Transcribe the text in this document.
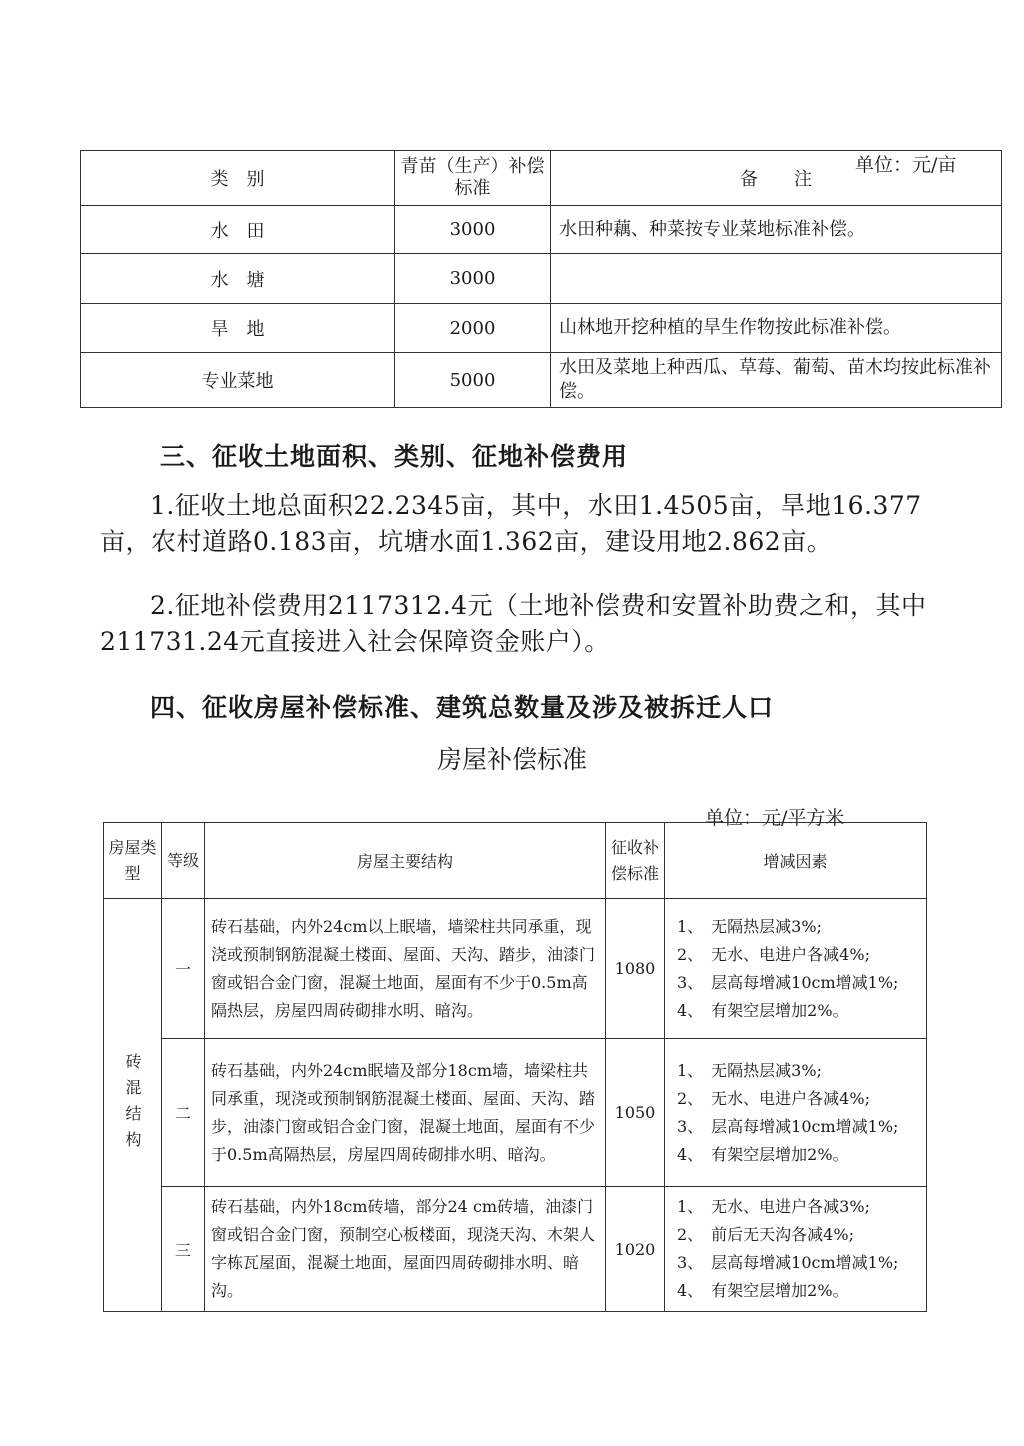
单位：元/亩
类　别	青苗（生产）补偿标准	备　　注
水　田	3000	水田种藕、种菜按专业菜地标准补偿。
水　塘	3000	
旱　地	2000	山林地开挖种植的旱生作物按此标准补偿。
专业菜地	5000	水田及菜地上种西瓜、草莓、葡萄、苗木均按此标准补偿。
三、征收土地面积、类别、征地补偿费用
1.征收土地总面积22.2345亩，其中，水田1.4505亩，旱地16.377亩，农村道路0.183亩，坑塘水面1.362亩，建设用地2.862亩。
2.征地补偿费用2117312.4元（土地补偿费和安置补助费之和，其中211731.24元直接进入社会保障资金账户）。
四、征收房屋补偿标准、建筑总数量及涉及被拆迁人口
房屋补偿标准
单位：元/平方米
房屋类型	等级	房屋主要结构	征收补偿标准	增减因素

砖混结构	一	砖石基础，内外24cm以上眠墙，墙梁柱共同承重，现浇或预制钢筋混凝土楼面、屋面、天沟、踏步，油漆门窗或铝合金门窗，混凝土地面，屋面有不少于0.5m高隔热层，房屋四周砖砌排水明、暗沟。	1080	1、　无隔热层减3%;
2、　无水、电进户各减4%;
3、　层高每增减10cm增减1%;
4、　有架空层增加2%。

	二	砖石基础，内外24cm眠墙及部分18cm墙，墙梁柱共同承重，现浇或预制钢筋混凝土楼面、屋面、天沟、踏步，油漆门窗或铝合金门窗，混凝土地面，屋面有不少于0.5m高隔热层，房屋四周砖砌排水明、暗沟。	1050	1、　无隔热层减3%;
2、　无水、电进户各减4%;
3、　层高每增减10cm增减1%;
4、　有架空层增加2%。

	三	砖石基础，内外18cm砖墙，部分24 cm砖墙，油漆门窗或铝合金门窗，预制空心板楼面，现浇天沟、木架人字栋瓦屋面，混凝土地面，屋面四周砖砌排水明、暗沟。	1020	1、　无水、电进户各减3%;
2、　前后无天沟各减4%;
3、　层高每增减10cm增减1%;
4、　有架空层增加2%。
